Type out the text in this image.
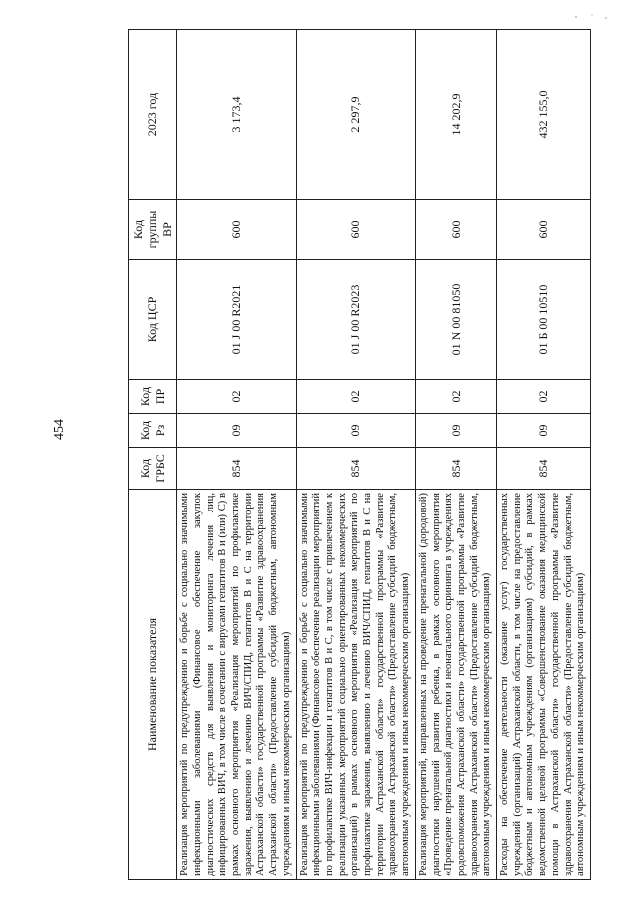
454
Наименование показателя	Код ГРБС	Код Рз	Код ПР	Код ЦСР	Код группы ВР	2023 год
Реализация мероприятий по предупреждению и борьбе с социально значимыми инфекционными заболеваниями (Финансовое обеспечение закупок диагностических средств для выявления и мониторинга лечения лиц, инфицированных ВИЧ, в том числе в сочетании с вирусами гепатитов В и (или) С) в рамках основного мероприятия «Реализация мероприятий по профилактике заражения, выявлению и лечению ВИЧ/СПИД, гепатитов В и С на территории Астраханской области» государственной программы «Развитие здравоохранения Астраханской области» (Предоставление субсидий бюджетным, автономным учреждениям и иным некоммерческим организациям)	854	09	02	01 J 00 R2021	600	3 173,4
Реализация мероприятий по предупреждению и борьбе с социально значимыми инфекционными заболеваниями (Финансовое обеспечение реализации мероприятий по профилактике ВИЧ-инфекции и гепатитов В и С, в том числе с привлечением к реализации указанных мероприятий социально ориентированных некоммерческих организаций) в рамках основного мероприятия «Реализация мероприятий по профилактике заражения, выявлению и лечению ВИЧ/СПИД, гепатитов В и С на территории Астраханской области» государственной программы «Развитие здравоохранения Астраханской области» (Предоставление субсидий бюджетным, автономным учреждениям и иным некоммерческим организациям)	854	09	02	01 J 00 R2023	600	2 297,9
Реализация мероприятий, направленных на проведение пренатальной (дородовой) диагностики нарушений развития ребенка, в рамках основного мероприятия «Проведение пренатальной диагностики и неонатального скрининга в учреждениях родовспоможения Астраханской области» государственной программы «Развитие здравоохранения Астраханской области» (Предоставление субсидий бюджетным, автономным учреждениям и иным некоммерческим организациям)	854	09	02	01 N 00 81050	600	14 202,9
Расходы на обеспечение деятельности (оказание услуг) государственных учреждений (организаций) Астраханской области, в том числе на предоставление бюджетным и автономным учреждениям (организациям) субсидий, в рамках ведомственной целевой программы «Совершенствование оказания медицинской помощи в Астраханской области» государственной программы «Развитие здравоохранения Астраханской области» (Предоставление субсидий бюджетным, автономным учреждениям и иным некоммерческим организациям)	854	09	02	01 Б 00 10510	600	432 155,0
